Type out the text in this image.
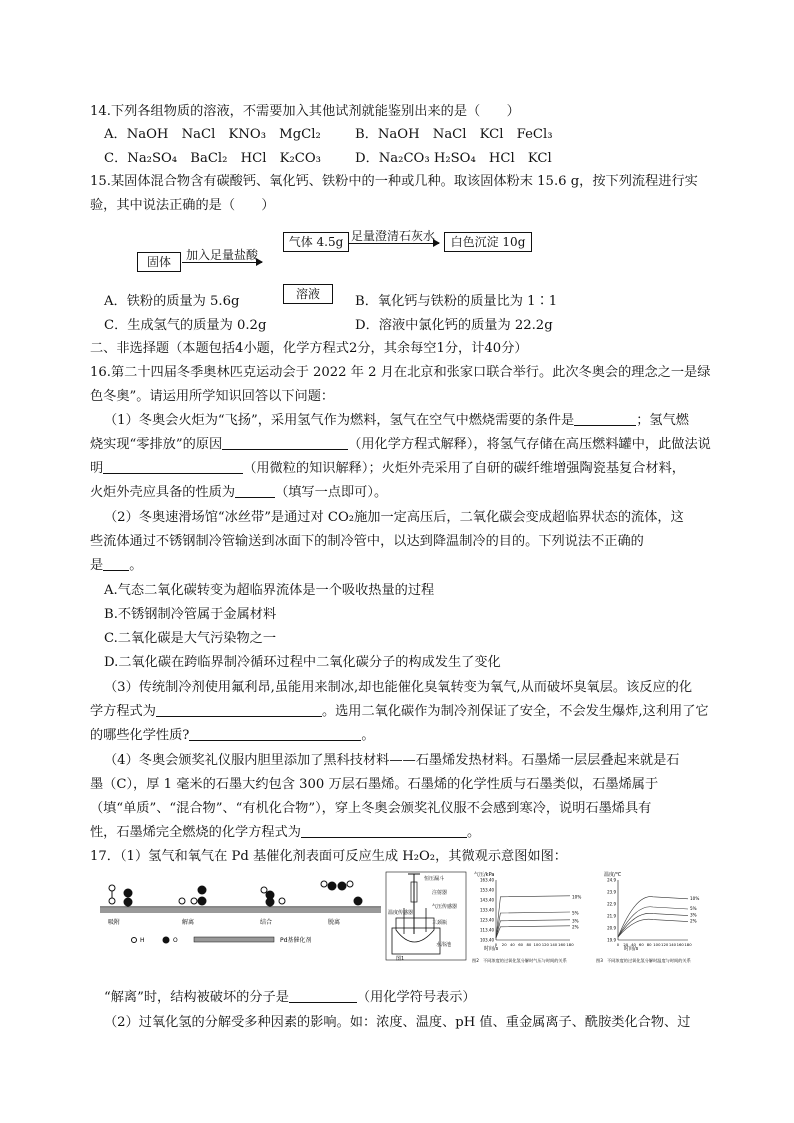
14.下列各组物质的溶液，不需要加入其他试剂就能鉴别出来的是（　　）
A．NaOH　NaCl　KNO₃　MgCl₂	B．NaOH　NaCl　KCl　FeCl₃
C．Na₂SO₄　BaCl₂　HCl　K₂CO₃	D．Na₂CO₃ H₂SO₄　HCl　KCl
15.某固体混合物含有碳酸钙、氧化钙、铁粉中的一种或几种。取该固体粉末 15.6 g，按下列流程进行实
验，其中说法正确的是（　　）
固体	加入足量盐酸
气体 4.5g 足量澄清石灰水	白色沉淀 10g
溶液
A．铁粉的质量为 5.6g	B．氧化钙与铁粉的质量比为 1∶1
C．生成氢气的质量为 0.2g	D．溶液中氯化钙的质量为 22.2g
二、非选择题（本题包括4小题，化学方程式2分，其余每空1分，计40分）
16.第二十四届冬季奥林匹克运动会于 2022 年 2 月在北京和张家口联合举行。此次冬奥会的理念之一是绿
色冬奥”。请运用所学知识回答以下问题：
（1）冬奥会火炬为“飞扬”，采用氢气作为燃料，氢气在空气中燃烧需要的条件是	；氢气燃
烧实现“零排放”的原因	（用化学方程式解释），将氢气存储在高压燃料罐中，此做法说
明	（用微粒的知识解释）；火炬外壳采用了自研的碳纤维增强陶瓷基复合材料，
火炬外壳应具备的性质为	（填写一点即可）。
（2）冬奥速滑场馆“冰丝带”是通过对 CO₂施加一定高压后，二氧化碳会变成超临界状态的流体，这
些流体通过不锈钢制冷管输送到冰面下的制冷管中，以达到降温制冷的目的。下列说法不正确的
是 。
A.气态二氧化碳转变为超临界流体是一个吸收热量的过程
B.不锈钢制冷管属于金属材料
C.二氧化碳是大气污染物之一
D.二氧化碳在跨临界制冷循环过程中二氧化碳分子的构成发生了变化
（3）传统制冷剂使用氟利昂,虽能用来制冰,却也能催化臭氧转变为氧气,从而破坏臭氧层。该反应的化
学方程式为	。选用二氧化碳作为制冷剂保证了安全，不会发生爆炸,这利用了它
的哪些化学性质?	。
（4）冬奥会颁奖礼仪服内胆里添加了黑科技材料——石墨烯发热材料。石墨烯一层层叠起来就是石
墨（C），厚 1 毫米的石墨大约包含 300 万层石墨烯。石墨烯的化学性质与石墨类似，石墨烯属于
（填“单质”、“混合物”、“有机化合物”），穿上冬奥会颁奖礼仪服不会感到寒冷，说明石墨烯具有
性，石墨烯完全燃烧的化学方程式为	。
17．（1）氢气和氧气在 Pd 基催化剂表面可反应生成 H₂O₂，其微观示意图如图：
吸附	解离	结合	脱离
H	O	Pd基催化剂
恒压漏斗
温度传感器
气压传感器
三颈瓶
水浴池
注射器
图1
气压/kPa
时间/s
图2　不同浓度的过氧化氢分解时气压与时间的关系
103.40
113.40
123.40
133.40
143.40
153.40
163.40
0 20 40 60 80 100 120 140 160 180
10%
5%
3%
2%
温度/℃
时间/s
图3　不同浓度的过氧化氢分解时温度与时间的关系
19.9
20.9
21.9
22.9
23.9
24.9
0 20 40 60 80 100 120 140 160 180
10%
5%
3%
2%
“解离”时，结构被破坏的分子是	（用化学符号表示）
（2）过氧化氢的分解受多种因素的影响。如：浓度、温度、pH 值、重金属离子、酰胺类化合物、过
